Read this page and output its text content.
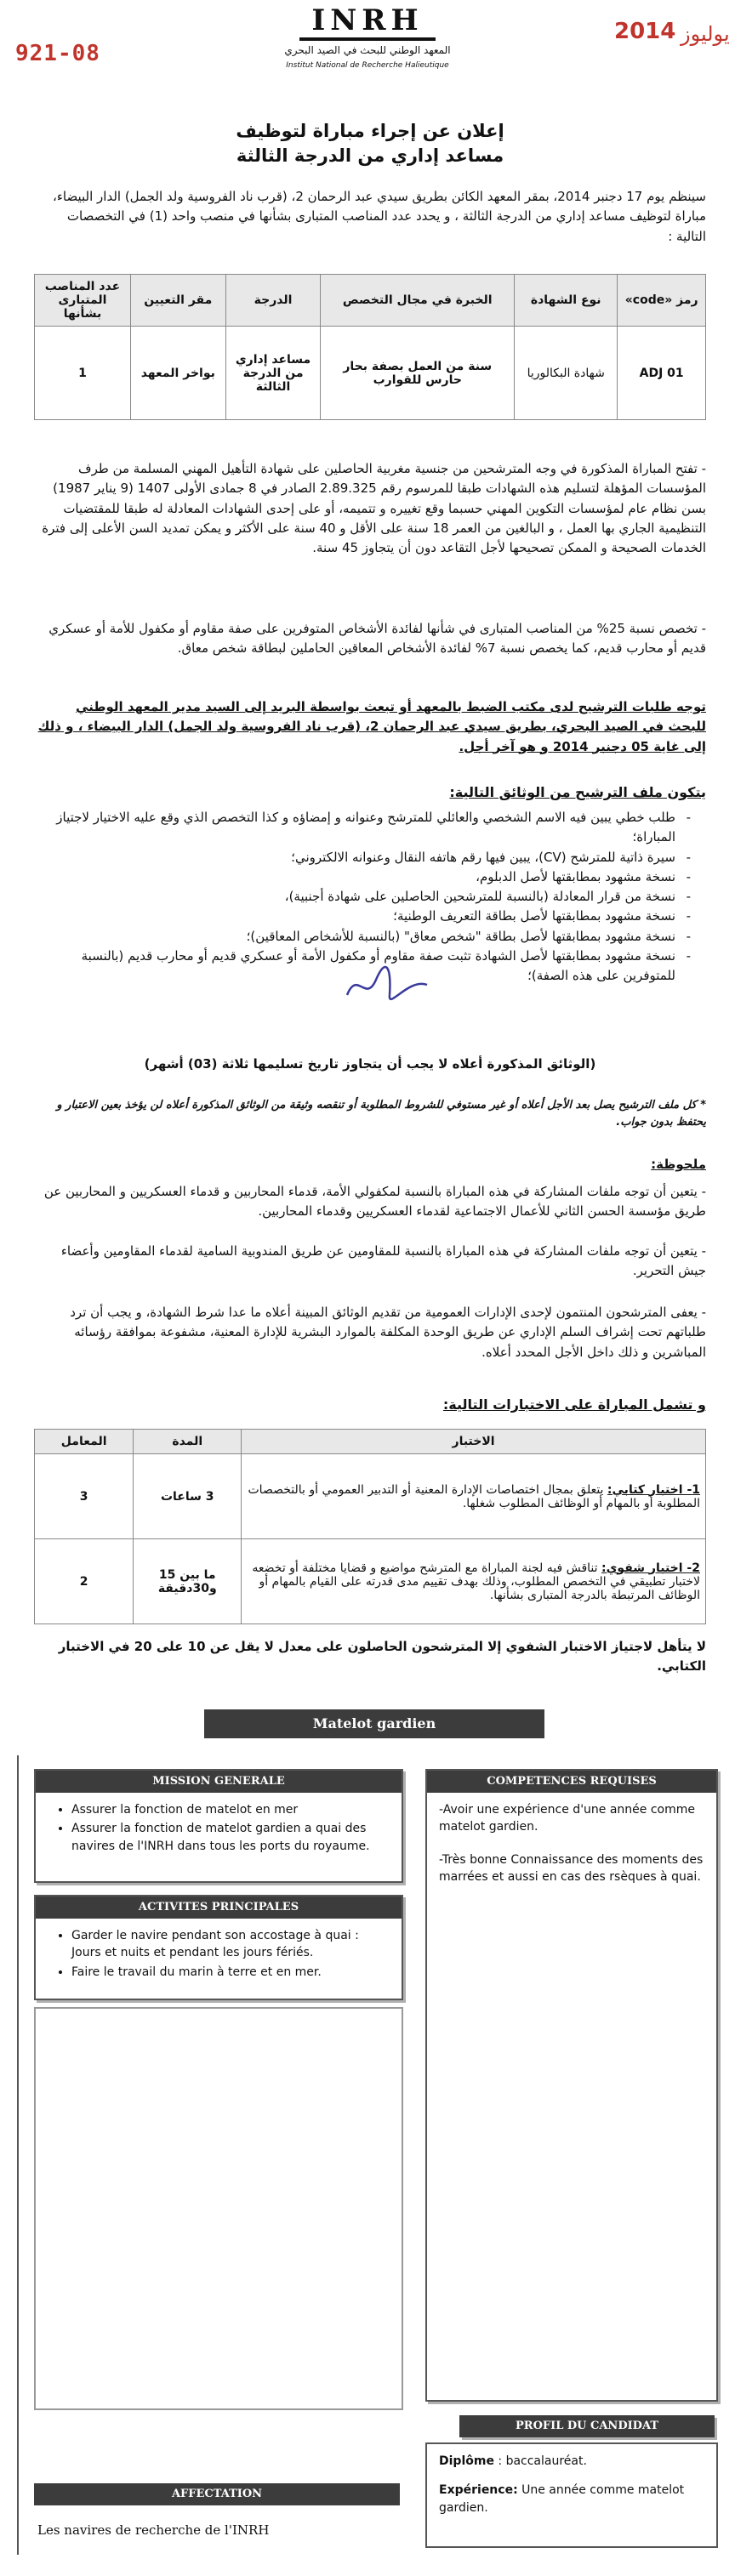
INRH
المعهد الوطني للبحث في الصيد البحري
Institut National de Recherche Halieutique
921-08
2014 يوليوز
إعلان عن إجراء مباراة لتوظيف
مساعد إداري من الدرجة الثالثة
سينظم يوم 17 دجنبر 2014، بمقر المعهد الكائن بطريق سيدي عبد الرحمان 2، (قرب ناد الفروسية ولد الجمل) الدار البيضاء، مباراة لتوظيف مساعد إداري من الدرجة الثالثة ، و يحدد عدد المناصب المتبارى بشأنها في منصب واحد (1) في التخصصات التالية :
رمز «code»	نوع الشهادة	الخبرة في مجال التخصص	الدرجة	مقر التعيين	عدد المناصب المتبارى بشأنها
ADJ 01	شهادة البكالوريا	سنة من العمل بصفة بحار حارس للقوارب	مساعد إداري من الدرجة الثالثة	بواخر المعهد	1
- تفتح المباراة المذكورة في وجه المترشحين من جنسية مغربية الحاصلين على شهادة التأهيل المهني المسلمة من طرف المؤسسات المؤهلة لتسليم هذه الشهادات طبقا للمرسوم رقم 2.89.325 الصادر في 8 جمادى الأولى 1407 (9 يناير 1987) بسن نظام عام لمؤسسات التكوين المهني حسبما وقع تغييره و تتميمه، أو على إحدى الشهادات المعادلة له طبقا للمقتضيات التنظيمية الجاري بها العمل ، و البالغين من العمر 18 سنة على الأقل و 40 سنة على الأكثر و يمكن تمديد السن الأعلى إلى فترة الخدمات الصحيحة و الممكن تصحيحها لأجل التقاعد دون أن يتجاوز 45 سنة.
- تخصص نسبة 25% من المناصب المتبارى في شأنها لفائدة الأشخاص المتوفرين على صفة مقاوم أو مكفول للأمة أو عسكري قديم أو محارب قديم، كما يخصص نسبة 7% لفائدة الأشخاص المعاقين الحاملين لبطاقة شخص معاق.
توجه طلبات الترشيح لدى مكتب الضبط بالمعهد أو تبعث بواسطة البريد إلى السيد مدير المعهد الوطني للبحث في الصيد البحري، بطريق سيدي عبد الرحمان 2، (قرب ناد الفروسية ولد الجمل) الدار البيضاء ، و ذلك إلى غاية 05 دجنبر 2014 و هو آخر أجل.
يتكون ملف الترشيح من الوثائق التالية:
- طلب خطي يبين فيه الاسم الشخصي والعائلي للمترشح وعنوانه و إمضاؤه و كذا التخصص الذي وقع عليه الاختيار لاجتياز المباراة؛
- سيرة ذاتية للمترشح (CV)، يبين فيها رقم هاتفه النقال وعنوانه الالكتروني؛
- نسخة مشهود بمطابقتها لأصل الدبلوم،
- نسخة من قرار المعادلة (بالنسبة للمترشحين الحاصلين على شهادة أجنبية)،
- نسخة مشهود بمطابقتها لأصل بطاقة التعريف الوطنية؛
- نسخة مشهود بمطابقتها لأصل بطاقة "شخص معاق" (بالنسبة للأشخاص المعاقين)؛
- نسخة مشهود بمطابقتها لأصل الشهادة تثبت صفة مقاوم أو مكفول الأمة أو عسكري قديم أو محارب قديم (بالنسبة للمتوفرين على هذه الصفة)؛
(الوثائق المذكورة أعلاه لا يجب أن يتجاوز تاريخ تسليمها ثلاثة (03) أشهر)
* كل ملف الترشيح يصل بعد الأجل أعلاه أو غير مستوفي للشروط المطلوبة أو تنقصه وثيقة من الوثائق المذكورة أعلاه لن يؤخذ بعين الاعتبار و يحتفظ بدون جواب.
ملحوظة:
- يتعين أن توجه ملفات المشاركة في هذه المباراة بالنسبة لمكفولي الأمة، قدماء المحاربين و قدماء العسكريين و المحاربين عن طريق مؤسسة الحسن الثاني للأعمال الاجتماعية لقدماء العسكريين وقدماء المحاربين.
- يتعين أن توجه ملفات المشاركة في هذه المباراة بالنسبة للمقاومين عن طريق المندوبية السامية لقدماء المقاومين وأعضاء جيش التحرير.
- يعفى المترشحون المنتمون لإحدى الإدارات العمومية من تقديم الوثائق المبينة أعلاه ما عدا شرط الشهادة، و يجب أن ترد طلباتهم تحت إشراف السلم الإداري عن طريق الوحدة المكلفة بالموارد البشرية للإدارة المعنية، مشفوعة بموافقة رؤسائه المباشرين و ذلك داخل الأجل المحدد أعلاه.
و تشمل المباراة على الاختبارات التالية:
الاختبار	المدة	المعامل
1- اختبار كتابي: يتعلق بمجال اختصاصات الإدارة المعنية أو التدبير العمومي أو بالتخصصات المطلوبة أو بالمهام أو الوظائف المطلوب شغلها.	3 ساعات	3
2- اختبار شفوي: تناقش فيه لجنة المباراة مع المترشح مواضيع و قضايا مختلفة أو تخضعه لاختبار تطبيقي في التخصص المطلوب، وذلك بهدف تقييم مدى قدرته على القيام بالمهام أو الوظائف المرتبطة بالدرجة المتبارى بشأنها.	ما بين 15 و30دقيقة	2
لا يتأهل لاجتياز الاختبار الشفوي إلا المترشحون الحاصلون على معدل لا يقل عن 10 على 20 في الاختبار الكتابي.
Matelot gardien
MISSION GENERALE
• Assurer la fonction de matelot en mer
• Assurer la fonction de matelot gardien a quai des navires de l'INRH dans tous les ports du royaume.
ACTIVITES PRINCIPALES
• Garder le navire pendant son accostage à quai : Jours et nuits et pendant les jours fériés.
• Faire le travail du marin à terre et en mer.
COMPETENCES REQUISES
-Avoir une expérience d'une année comme matelot gardien.
-Très bonne Connaissance des moments des marrées et aussi en cas des rsèques à quai.
PROFIL DU CANDIDAT
Diplôme : baccalauréat.
Expérience: Une année comme matelot gardien.
AFFECTATION
Les navires de recherche de l'INRH
